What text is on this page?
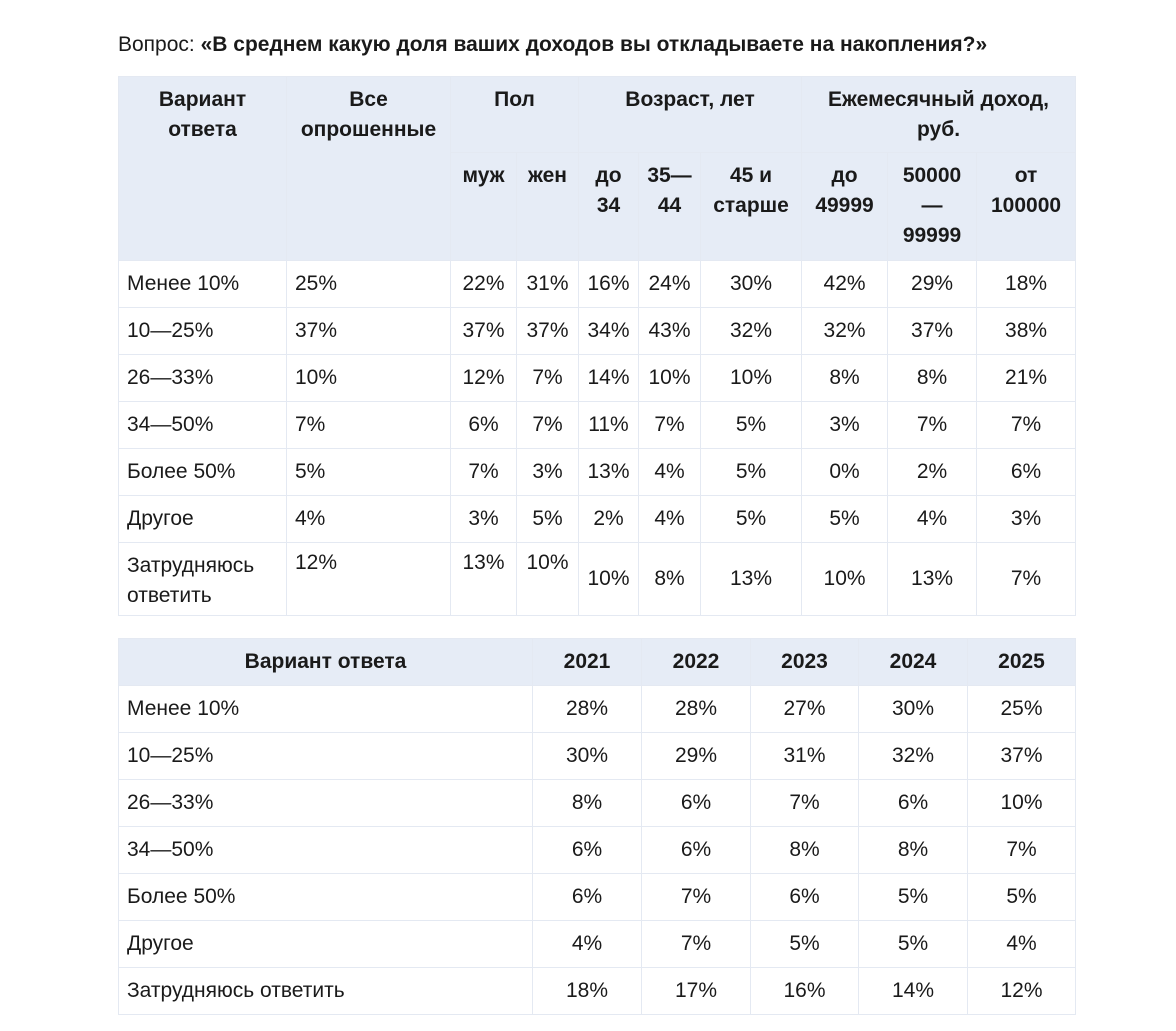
Вопрос: «В среднем какую доля ваших доходов вы откладываете на накопления?»
Вариант ответа	Все опрошенные	Пол		Возраст, лет			Ежемесячный доход, руб.		
		муж	жен	до 34	35—44	45 и старше	до 49999	50000 — 99999	от 100000
Менее 10%	25%	22%	31%	16%	24%	30%	42%	29%	18%
10—25%	37%	37%	37%	34%	43%	32%	32%	37%	38%
26—33%	10%	12%	7%	14%	10%	10%	8%	8%	21%
34—50%	7%	6%	7%	11%	7%	5%	3%	7%	7%
Более 50%	5%	7%	3%	13%	4%	5%	0%	2%	6%
Другое	4%	3%	5%	2%	4%	5%	5%	4%	3%
Затрудняюсь ответить	12%	13%	10%	10%	8%	13%	10%	13%	7%
Вариант ответа	2021	2022	2023	2024	2025
Менее 10%	28%	28%	27%	30%	25%
10—25%	30%	29%	31%	32%	37%
26—33%	8%	6%	7%	6%	10%
34—50%	6%	6%	8%	8%	7%
Более 50%	6%	7%	6%	5%	5%
Другое	4%	7%	5%	5%	4%
Затрудняюсь ответить	18%	17%	16%	14%	12%
